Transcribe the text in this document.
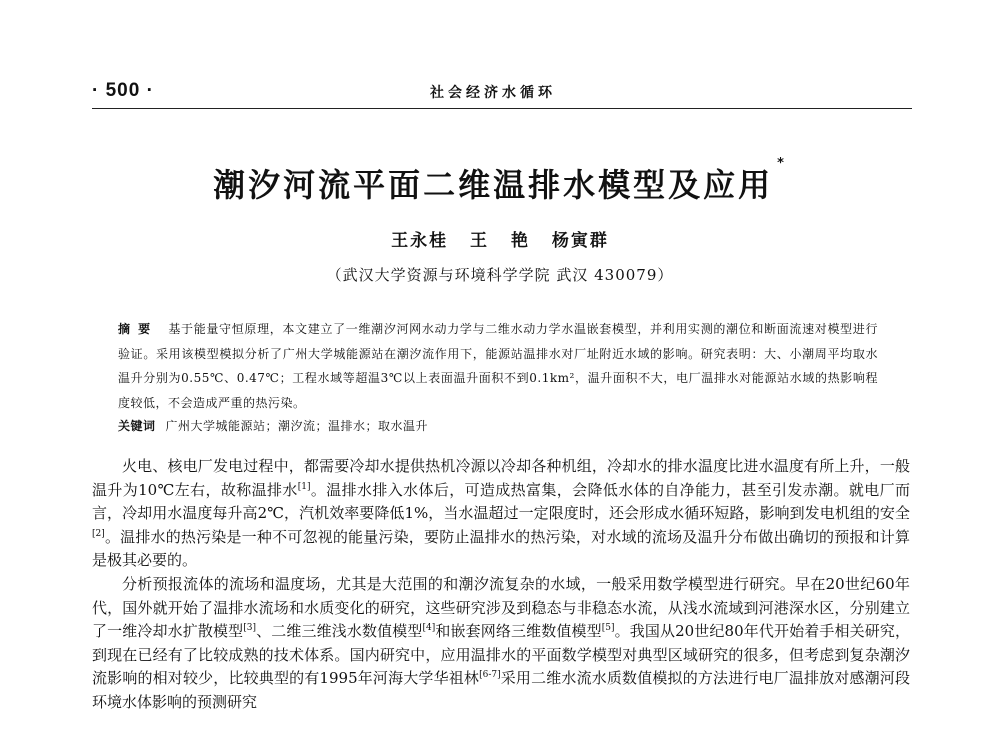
· 500 ·	社会经济水循环
潮汐河流平面二维温排水模型及应用*
王永桂 王 艳 杨寅群
（武汉大学资源与环境科学学院 武汉 430079）
摘要 基于能量守恒原理，本文建立了一维潮汐河网水动力学与二维水动力学水温嵌套模型，并利用实测的潮位和断面流速对模型进行验证。采用该模型模拟分析了广州大学城能源站在潮汐流作用下，能源站温排水对厂址附近水域的影响。研究表明：大、小潮周平均取水温升分别为0.55℃、0.47℃；工程水域等超温3℃以上表面温升面积不到0.1km²，温升面积不大，电厂温排水对能源站水域的热影响程度较低，不会造成严重的热污染。
关键词 广州大学城能源站；潮汐流；温排水；取水温升

火电、核电厂发电过程中，都需要冷却水提供热机冷源以冷却各种机组，冷却水的排水温度比进水温度有所上升，一般温升为10℃左右，故称温排水[1]。温排水排入水体后，可造成热富集，会降低水体的自净能力，甚至引发赤潮。就电厂而言，冷却用水温度每升高2℃，汽机效率要降低1%，当水温超过一定限度时，还会形成水循环短路，影响到发电机组的安全[2]。温排水的热污染是一种不可忽视的能量污染，要防止温排水的热污染，对水域的流场及温升分布做出确切的预报和计算是极其必要的。

分析预报流体的流场和温度场，尤其是大范围的和潮汐流复杂的水域，一般采用数学模型进行研究。早在20世纪60年代，国外就开始了温排水流场和水质变化的研究，这些研究涉及到稳态与非稳态水流，从浅水流域到河港深水区，分别建立了一维冷却水扩散模型[3]、二维三维浅水数值模型[4]和嵌套网络三维数值模型[5]。我国从20世纪80年代开始着手相关研究，到现在已经有了比较成熟的技术体系。国内研究中，应用温排水的平面数学模型对典型区域研究的很多，但考虑到复杂潮汐流影响的相对较少，比较典型的有1995年河海大学华祖林[6-7]采用二维水流水质数值模拟的方法进行电厂温排放对感潮河段环境水体影响的预测研究
